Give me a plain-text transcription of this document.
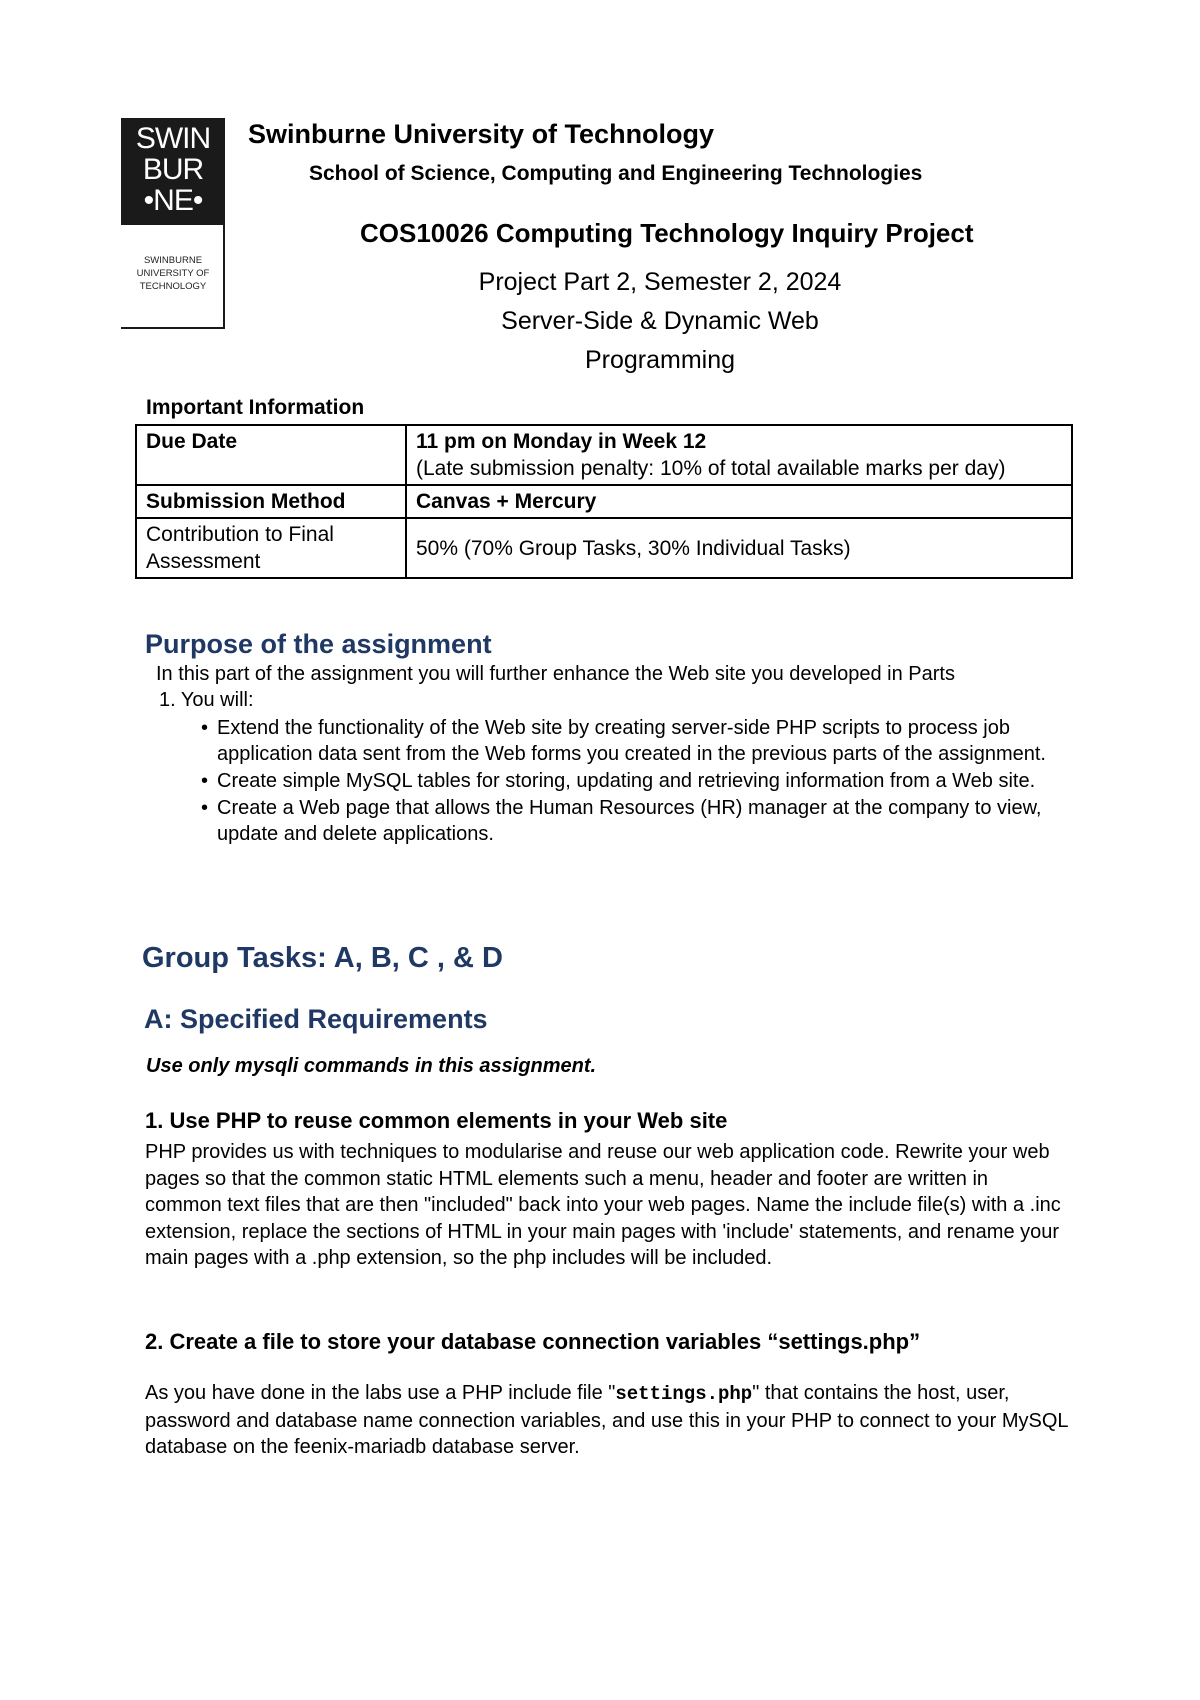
SWIN
BUR
•NE•
SWINBURNE
UNIVERSITY OF
TECHNOLOGY
Swinburne University of Technology
School of Science, Computing and Engineering Technologies
COS10026 Computing Technology Inquiry Project
Project Part 2, Semester 2, 2024
Server-Side & Dynamic Web
Programming
Important Information
Due Date	11 pm on Monday in Week 12
(Late submission penalty: 10% of total available marks per day)

Submission Method	Canvas + Mercury

Contribution to Final
Assessment	50% (70% Group Tasks, 30% Individual Tasks)
Purpose of the assignment
In this part of the assignment you will further enhance the Web site you developed in Parts
1. You will:
• Extend the functionality of the Web site by creating server-side PHP scripts to process job application data sent from the Web forms you created in the previous parts of the assignment.
• Create simple MySQL tables for storing, updating and retrieving information from a Web site.
• Create a Web page that allows the Human Resources (HR) manager at the company to view, update and delete applications.
Group Tasks: A, B, C , & D
A: Specified Requirements
Use only mysqli commands in this assignment.
1. Use PHP to reuse common elements in your Web site
PHP provides us with techniques to modularise and reuse our web application code. Rewrite your web pages so that the common static HTML elements such a menu, header and footer are written in common text files that are then "included" back into your web pages. Name the include file(s) with a .inc extension, replace the sections of HTML in your main pages with 'include' statements, and rename your main pages with a .php extension, so the php includes will be included.
2. Create a file to store your database connection variables “settings.php”
As you have done in the labs use a PHP include file "settings.php" that contains the host, user, password and database name connection variables, and use this in your PHP to connect to your MySQL database on the feenix-mariadb database server.
